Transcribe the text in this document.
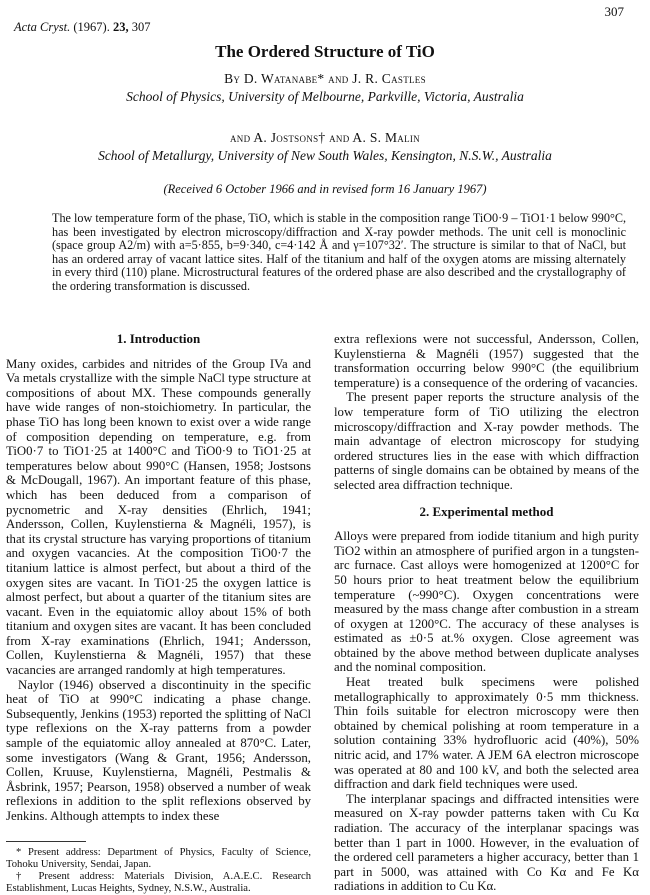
307
Acta Cryst. (1967). 23, 307
The Ordered Structure of TiO
By D. Watanabe* and J. R. Castles
School of Physics, University of Melbourne, Parkville, Victoria, Australia
and A. Jostsons† and A. S. Malin
School of Metallurgy, University of New South Wales, Kensington, N.S.W., Australia
(Received 6 October 1966 and in revised form 16 January 1967)
The low temperature form of the phase, TiO, which is stable in the composition range TiO0·9 – TiO1·1 below 990°C, has been investigated by electron microscopy/diffraction and X-ray powder methods. The unit cell is monoclinic (space group A2/m) with a=5·855, b=9·340, c=4·142 Å and γ=107°32′. The structure is similar to that of NaCl, but has an ordered array of vacant lattice sites. Half of the titanium and half of the oxygen atoms are missing alternately in every third (110) plane. Microstructural features of the ordered phase are also described and the crystallography of the ordering transformation is discussed.
1. Introduction

Many oxides, carbides and nitrides of the Group IVa and Va metals crystallize with the simple NaCl type structure at compositions of about MX. These compounds generally have wide ranges of non-stoichiometry. In particular, the phase TiO has long been known to exist over a wide range of composition depending on temperature, e.g. from TiO0·7 to TiO1·25 at 1400°C and TiO0·9 to TiO1·25 at temperatures below about 990°C (Hansen, 1958; Jostsons & McDougall, 1967). An important feature of this phase, which has been deduced from a comparison of pycnometric and X-ray densities (Ehrlich, 1941; Andersson, Collen, Kuylenstierna & Magnéli, 1957), is that its crystal structure has varying proportions of titanium and oxygen vacancies. At the composition TiO0·7 the titanium lattice is almost perfect, but about a third of the oxygen sites are vacant. In TiO1·25 the oxygen lattice is almost perfect, but about a quarter of the titanium sites are vacant. Even in the equiatomic alloy about 15% of both titanium and oxygen sites are vacant. It has been concluded from X-ray examinations (Ehrlich, 1941; Andersson, Collen, Kuylenstierna & Magnéli, 1957) that these vacancies are arranged randomly at high temperatures.

Naylor (1946) observed a discontinuity in the specific heat of TiO at 990°C indicating a phase change. Subsequently, Jenkins (1953) reported the splitting of NaCl type reflexions on the X-ray patterns from a powder sample of the equiatomic alloy annealed at 870°C. Later, some investigators (Wang & Grant, 1956; Andersson, Collen, Kruuse, Kuylenstierna, Magnéli, Pestmalis & Åsbrink, 1957; Pearson, 1958) observed a number of weak reflexions in addition to the split reflexions observed by Jenkins. Although attempts to index these

extra reflexions were not successful, Andersson, Collen, Kuylenstierna & Magnéli (1957) suggested that the transformation occurring below 990°C (the equilibrium temperature) is a consequence of the ordering of vacancies.

The present paper reports the structure analysis of the low temperature form of TiO utilizing the electron microscopy/diffraction and X-ray powder methods. The main advantage of electron microscopy for studying ordered structures lies in the ease with which diffraction patterns of single domains can be obtained by means of the selected area diffraction technique.

2. Experimental method

Alloys were prepared from iodide titanium and high purity TiO2 within an atmosphere of purified argon in a tungsten-arc furnace. Cast alloys were homogenized at 1200°C for 50 hours prior to heat treatment below the equilibrium temperature (~990°C). Oxygen concentrations were measured by the mass change after combustion in a stream of oxygen at 1200°C. The accuracy of these analyses is estimated as ±0·5 at.% oxygen. Close agreement was obtained by the above method between duplicate analyses and the nominal composition.

Heat treated bulk specimens were polished metallographically to approximately 0·5 mm thickness. Thin foils suitable for electron microscopy were then obtained by chemical polishing at room temperature in a solution containing 33% hydrofluoric acid (40%), 50% nitric acid, and 17% water. A JEM 6A electron microscope was operated at 80 and 100 kV, and both the selected area diffraction and dark field techniques were used.

The interplanar spacings and diffracted intensities were measured on X-ray powder patterns taken with Cu Kα radiation. The accuracy of the interplanar spacings was better than 1 part in 1000. However, in the evaluation of the ordered cell parameters a higher accuracy, better than 1 part in 5000, was attained with Co Kα and Fe Kα radiations in addition to Cu Kα.

* Present address: Department of Physics, Faculty of Science, Tohoku University, Sendai, Japan.

† Present address: Materials Division, A.A.E.C. Research Establishment, Lucas Heights, Sydney, N.S.W., Australia.
